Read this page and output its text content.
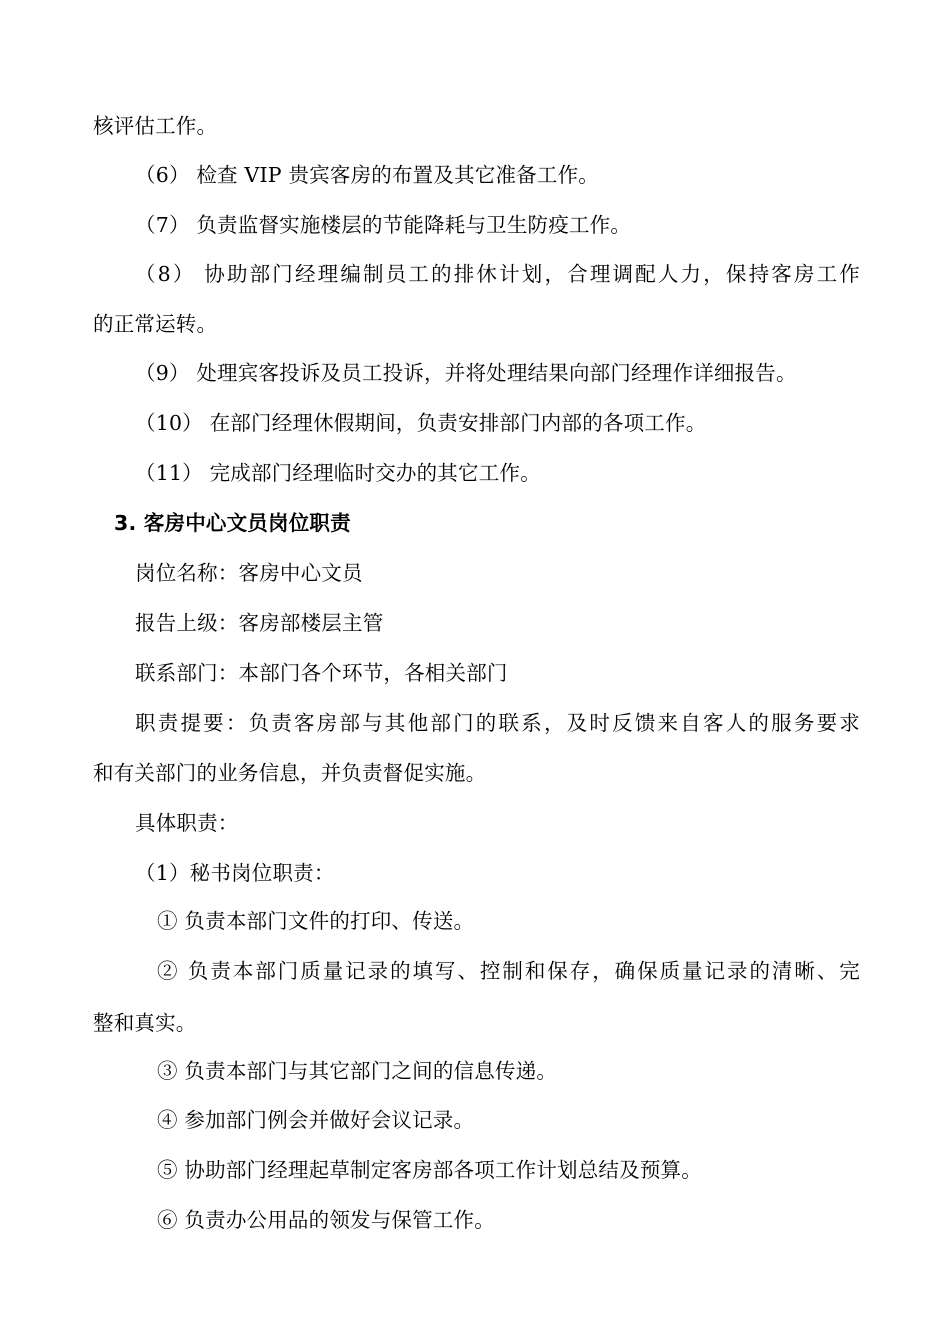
核评估工作。
（6） 检查 VIP 贵宾客房的布置及其它准备工作。
（7） 负责监督实施楼层的节能降耗与卫生防疫工作。
（8） 协助部门经理编制员工的排休计划，合理调配人力，保持客房工作
的正常运转。
（9） 处理宾客投诉及员工投诉，并将处理结果向部门经理作详细报告。
（10） 在部门经理休假期间，负责安排部门内部的各项工作。
（11） 完成部门经理临时交办的其它工作。
3. 客房中心文员岗位职责
岗位名称：客房中心文员
报告上级：客房部楼层主管
联系部门：本部门各个环节，各相关部门
职责提要：负责客房部与其他部门的联系，及时反馈来自客人的服务要求
和有关部门的业务信息，并负责督促实施。
具体职责：
（1）秘书岗位职责：
① 负责本部门文件的打印、传送。
② 负责本部门质量记录的填写、控制和保存，确保质量记录的清晰、完
整和真实。
③ 负责本部门与其它部门之间的信息传递。
④ 参加部门例会并做好会议记录。
⑤ 协助部门经理起草制定客房部各项工作计划总结及预算。
⑥ 负责办公用品的领发与保管工作。
